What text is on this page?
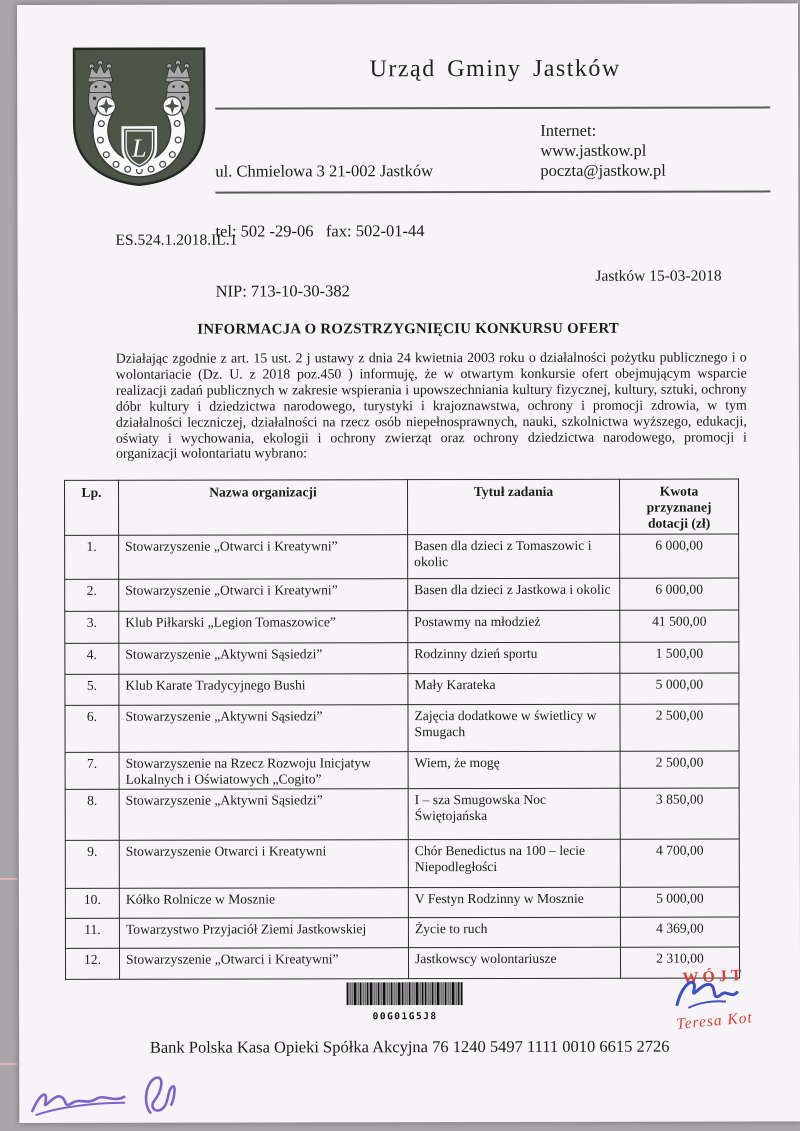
L
Urząd Gminy Jastków

ul. Chmielowa 3 21-002 Jastków

tel: 502 -29-06   fax: 502-01-44

NIP: 713-10-30-382

Internet:
www.jastkow.pl
poczta@jastkow.pl
ES.524.1.2018.IL.1
Jastków 15-03-2018
INFORMACJA O ROZSTRZYGNIĘCIU KONKURSU OFERT
Działając zgodnie z art. 15 ust. 2 j ustawy z dnia 24 kwietnia 2003 roku o działalności pożytku publicznego i o wolontariacie (Dz. U. z 2018 poz.450 ) informuję, że w otwartym konkursie ofert obejmującym wsparcie realizacji zadań publicznych w zakresie wspierania i upowszechniania kultury fizycznej, kultury, sztuki, ochrony dóbr kultury i dziedzictwa narodowego, turystyki i krajoznawstwa, ochrony i promocji zdrowia, w tym działalności leczniczej, działalności na rzecz osób niepełnosprawnych, nauki, szkolnictwa wyższego, edukacji, oświaty i wychowania, ekologii i ochrony zwierząt oraz ochrony dziedzictwa narodowego, promocji i organizacji wolontariatu wybrano:
Lp.	Nazwa organizacji	Tytuł zadania	Kwota przyznanej dotacji (zł)
1.	Stowarzyszenie „Otwarci i Kreatywni”	Basen dla dzieci z Tomaszowic i okolic	6 000,00
2.	Stowarzyszenie „Otwarci i Kreatywni”	Basen dla dzieci z Jastkowa i okolic	6 000,00
3.	Klub Piłkarski „Legion Tomaszowice”	Postawmy na młodzież	41 500,00
4.	Stowarzyszenie „Aktywni Sąsiedzi”	Rodzinny dzień sportu	1 500,00
5.	Klub Karate Tradycyjnego Bushi	Mały Karateka	5 000,00
6.	Stowarzyszenie „Aktywni Sąsiedzi”	Zajęcia dodatkowe w świetlicy w Smugach	2 500,00
7.	Stowarzyszenie na Rzecz Rozwoju Inicjatyw Lokalnych i Oświatowych „Cogito”	Wiem, że mogę	2 500,00
8.	Stowarzyszenie „Aktywni Sąsiedzi”	I – sza Smugowska Noc Świętojańska	3 850,00
9.	Stowarzyszenie Otwarci i Kreatywni	Chór Benedictus na 100 – lecie Niepodległości	4 700,00
10.	Kółko Rolnicze w Mosznie	V Festyn Rodzinny w Mosznie	5 000,00
11.	Towarzystwo Przyjaciół Ziemi Jastkowskiej	Życie to ruch	4 369,00
12.	Stowarzyszenie „Otwarci i Kreatywni”	Jastkowscy wolontariusze	2 310,00
00G01G5J8
WÓJT
Teresa Kot
Bank Polska Kasa Opieki Spółka Akcyjna 76 1240 5497 1111 0010 6615 2726
